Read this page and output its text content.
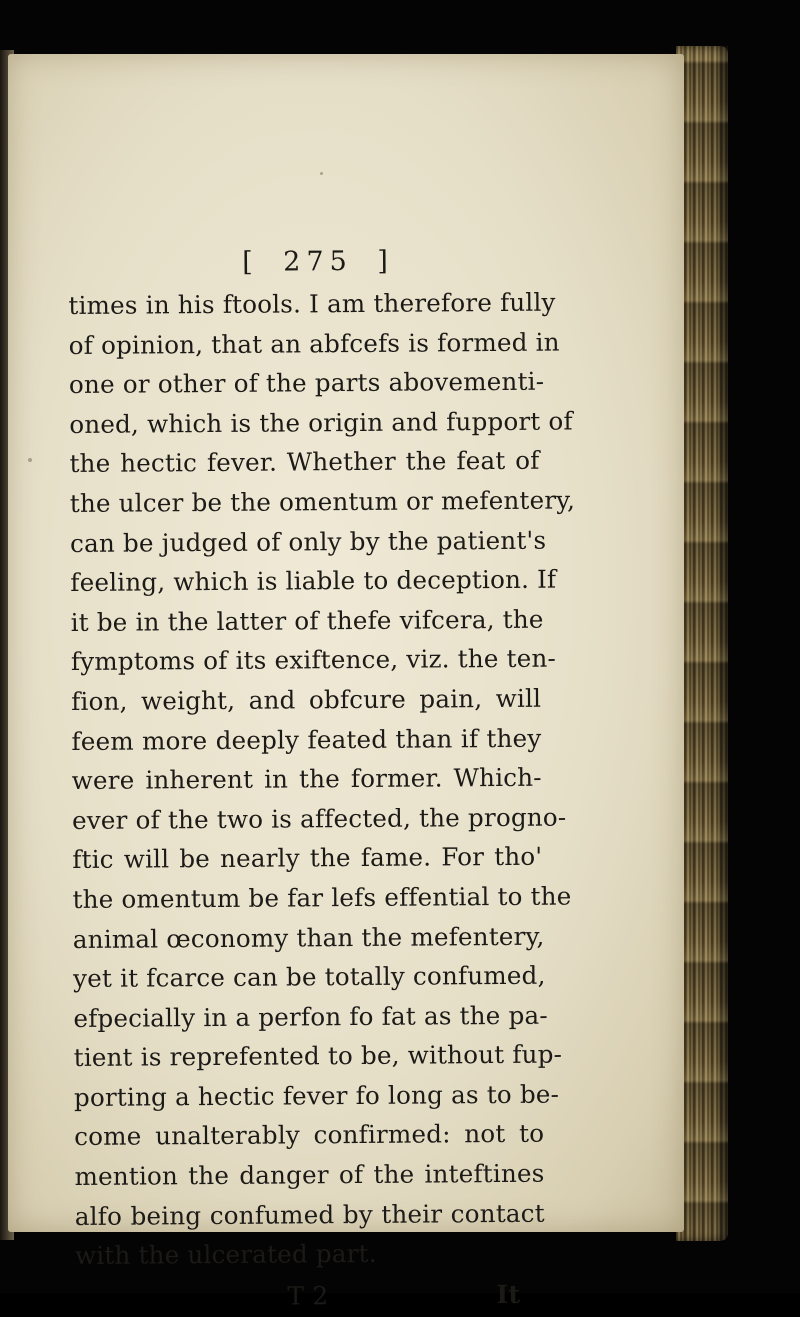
[ 275 ]
times in his ftools. I am therefore fully
of opinion, that an abfcefs is formed in
one or other of the parts abovementi-
oned, which is the origin and fupport of
the hectic fever. Whether the feat of
the ulcer be the omentum or mefentery,
can be judged of only by the patient's
feeling, which is liable to deception. If
it be in the latter of thefe vifcera, the
fymptoms of its exiftence, viz. the ten-
fion, weight, and obfcure pain, will
feem more deeply feated than if they
were inherent in the former. Which-
ever of the two is affected, the progno-
ftic will be nearly the fame. For tho'
the omentum be far lefs effential to the
animal œconomy than the mefentery,
yet it fcarce can be totally confumed,
efpecially in a perfon fo fat as the pa-
tient is reprefented to be, without fup-
porting a hectic fever fo long as to be-
come unalterably confirmed: not to
mention the danger of the inteftines
alfo being confumed by their contact
with the ulcerated part.
T 2	It
